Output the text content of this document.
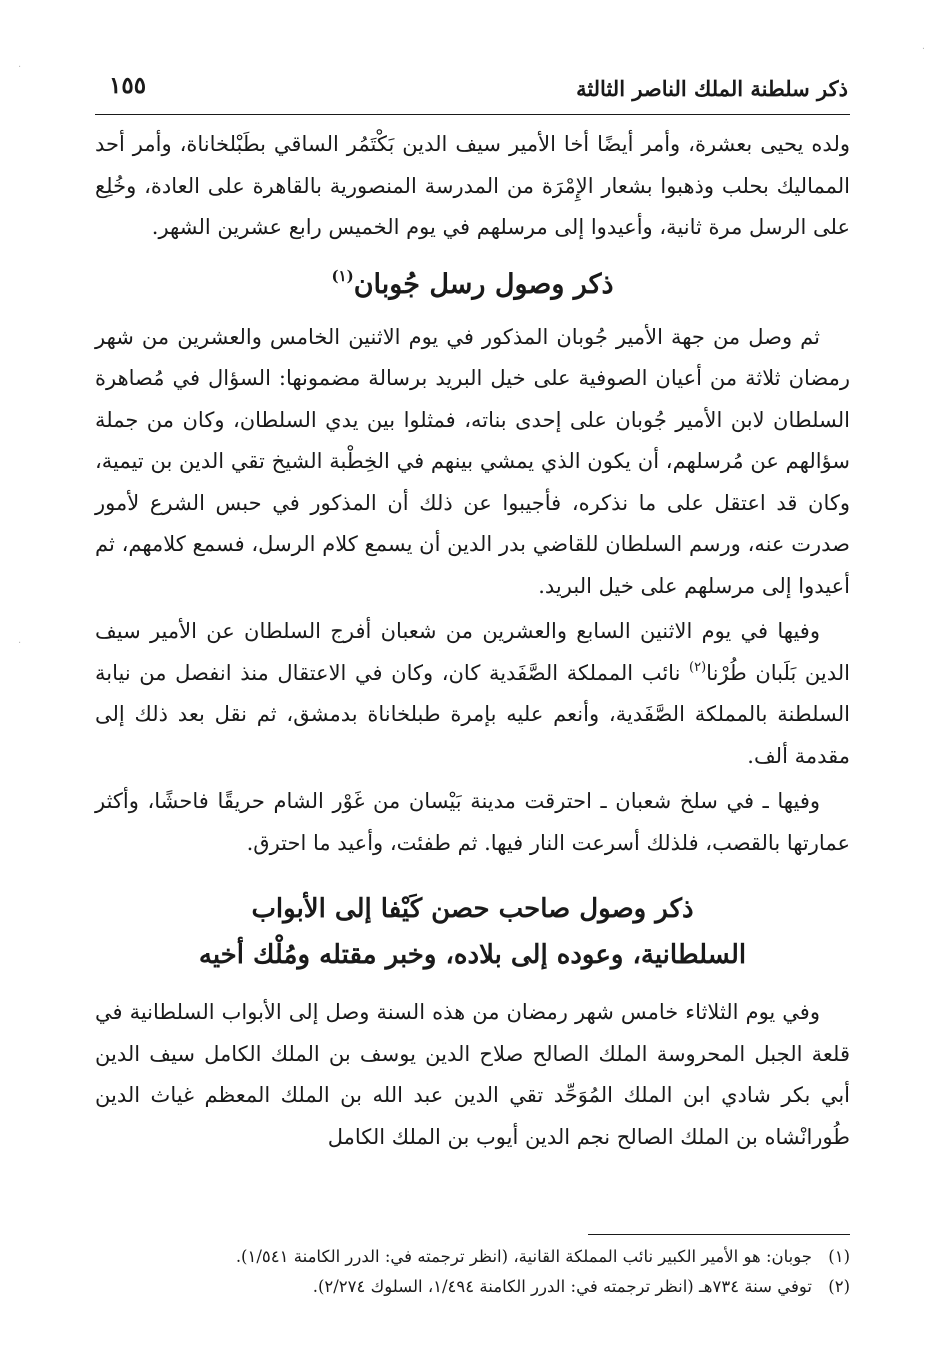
·
·
·
ذكر سلطنة الملك الناصر الثالثة
١٥٥

ولده يحيى بعشرة، وأمر أيضًا أخا الأمير سيف الدين بَكْتَمُر الساقي بطَبْلخاناة، وأمر أحد المماليك بحلب وذهبوا بشعار الإِمْرَة من المدرسة المنصورية بالقاهرة على العادة، وخُلِع على الرسل مرة ثانية، وأعيدوا إلى مرسلهم في يوم الخميس رابع عشرين الشهر.

ذكر وصول رسل جُوبان$^{(١)}$

ثم وصل من جهة الأمير جُوبان المذكور في يوم الاثنين الخامس والعشرين من شهر رمضان ثلاثة من أعيان الصوفية على خيل البريد برسالة مضمونها: السؤال في مُصاهرة السلطان لابن الأمير جُوبان على إحدى بناته، فمثلوا بين يدي السلطان، وكان من جملة سؤالهم عن مُرسلهم، أن يكون الذي يمشي بينهم في الخِطْبة الشيخ تقي الدين بن تيمية، وكان قد اعتقل على ما نذكره، فأجيبوا عن ذلك أن المذكور في حبس الشرع لأمور صدرت عنه، ورسم السلطان للقاضي بدر الدين أن يسمع كلام الرسل، فسمع كلامهم، ثم أعيدوا إلى مرسلهم على خيل البريد.

وفيها في يوم الاثنين السابع والعشرين من شعبان أفرج السلطان عن الأمير سيف الدين بَلَبان طُرْنا$^{(٢)}$ نائب المملكة الصَّفَدية كان، وكان في الاعتقال منذ انفصل من نيابة السلطنة بالمملكة الصَّفَدية، وأنعم عليه بإمرة طبلخاناة بدمشق، ثم نقل بعد ذلك إلى مقدمة ألف.

وفيها ـ في سلخ شعبان ـ احترقت مدينة بَيْسان من غَوْر الشام حريقًا فاحشًا، وأكثر عمارتها بالقصب، فلذلك أسرعت النار فيها. ثم طفئت، وأعيد ما احترق.

ذكر وصول صاحب حصن كَيْفا إلى الأبواب
السلطانية، وعوده إلى بلاده، وخبر مقتله ومُلْك أخيه

وفي يوم الثلاثاء خامس شهر رمضان من هذه السنة وصل إلى الأبواب السلطانية في قلعة الجبل المحروسة الملك الصالح صلاح الدين يوسف بن الملك الكامل سيف الدين أبي بكر شادي ابن الملك المُوَحِّد تقي الدين عبد الله بن الملك المعظم غياث الدين طُورانْشاه بن الملك الصالح نجم الدين أيوب بن الملك الكامل

(١)جوبان: هو الأمير الكبير نائب المملكة القانية، (انظر ترجمته في: الدرر الكامنة ١/٥٤١).

(٢)توفي سنة ٧٣٤هـ (انظر ترجمته في: الدرر الكامنة ١/٤٩٤، السلوك ٢/٢٧٤).
